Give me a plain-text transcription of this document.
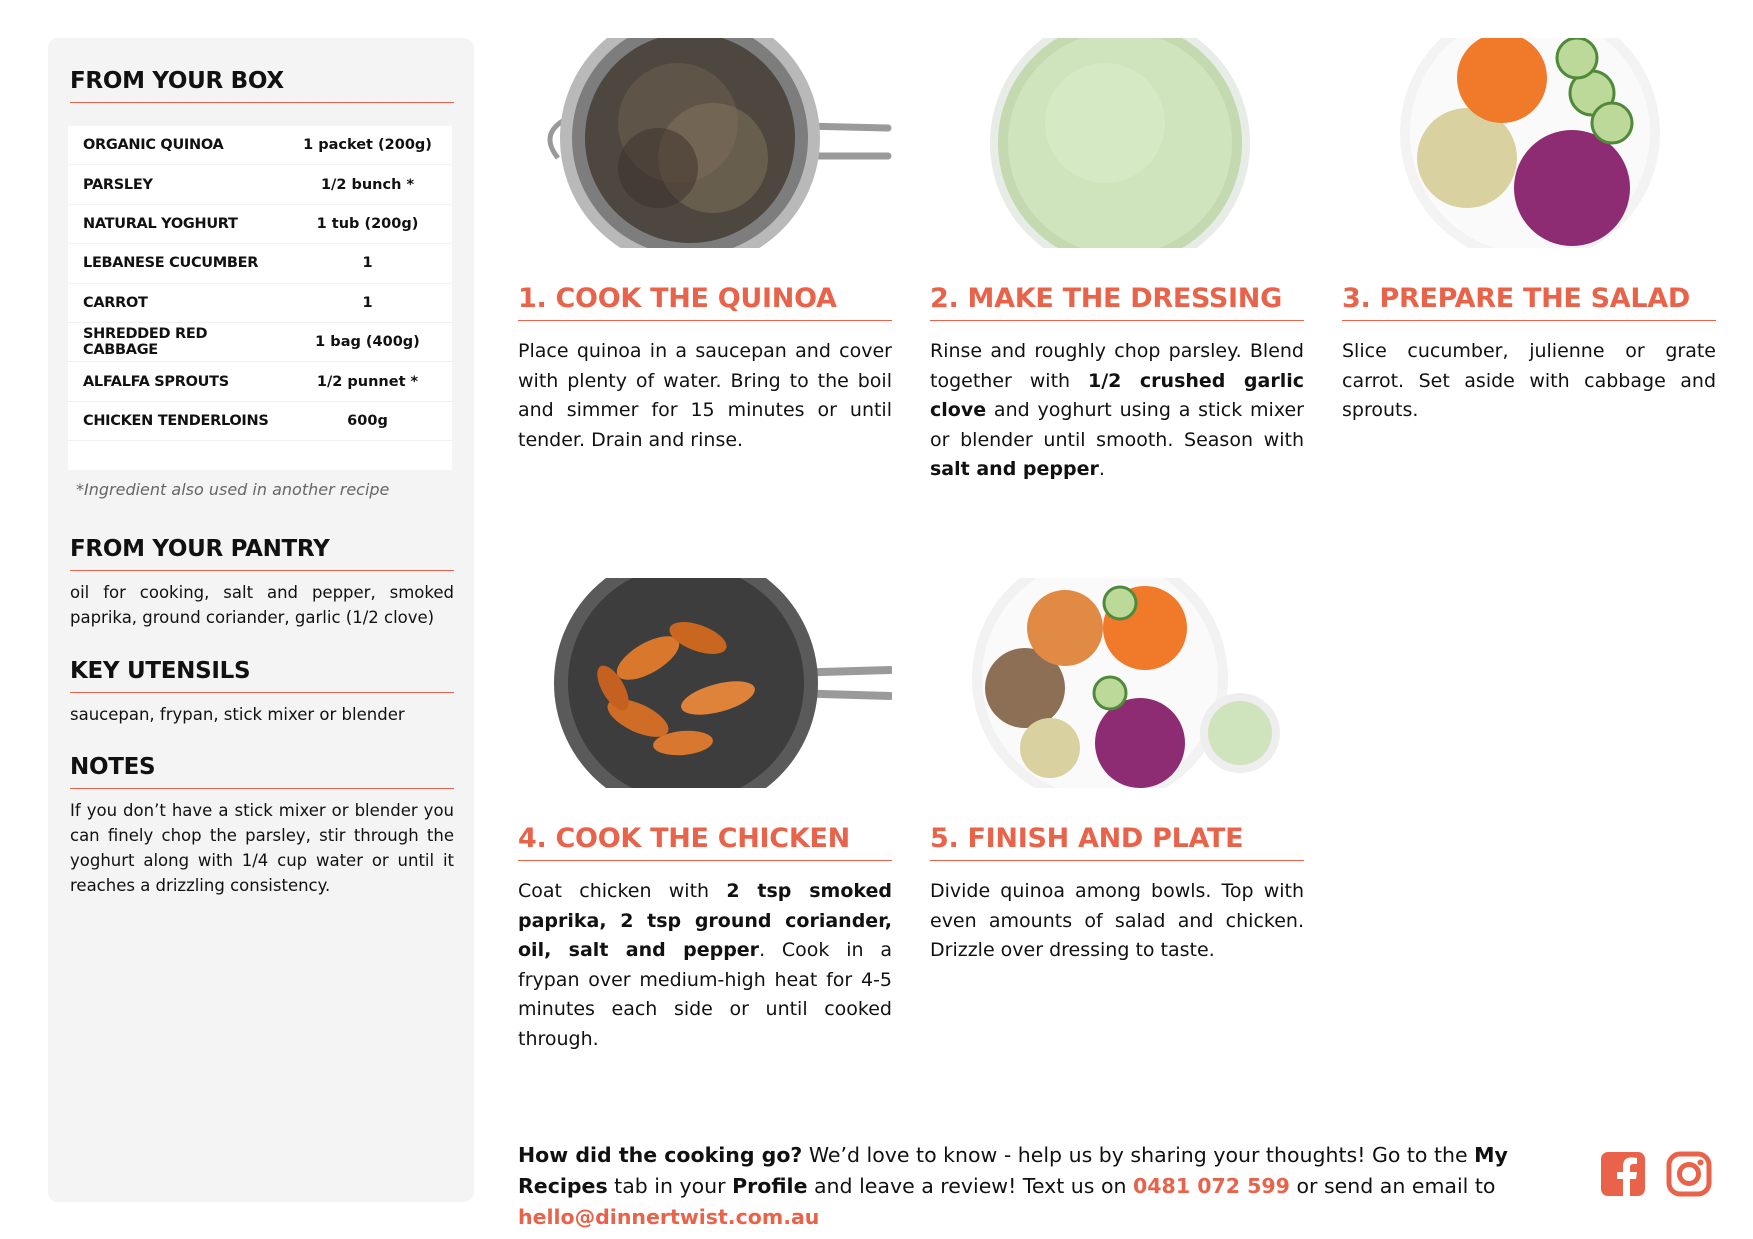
FROM YOUR BOX
ORGANIC QUINOA	1 packet (200g)
PARSLEY	1/2 bunch *
NATURAL YOGHURT	1 tub (200g)
LEBANESE CUCUMBER	1
CARROT	1
SHREDDED RED CABBAGE	1 bag (400g)
ALFALFA SPROUTS	1/2 punnet *
CHICKEN TENDERLOINS	600g
*Ingredient also used in another recipe
FROM YOUR PANTRY
oil for cooking, salt and pepper, smoked paprika, ground coriander, garlic (1/2 clove)
KEY UTENSILS
saucepan, frypan, stick mixer or blender
NOTES
If you don’t have a stick mixer or blender you can finely chop the parsley, stir through the yoghurt along with 1/4 cup water or until it reaches a drizzling consistency.
1. COOK THE QUINOA
Place quinoa in a saucepan and cover with plenty of water. Bring to the boil and simmer for 15 minutes or until tender. Drain and rinse.
2. MAKE THE DRESSING
Rinse and roughly chop parsley. Blend together with 1/2 crushed garlic clove and yoghurt using a stick mixer or blender until smooth. Season with salt and pepper.
3. PREPARE THE SALAD
Slice cucumber, julienne or grate carrot. Set aside with cabbage and sprouts.
4. COOK THE CHICKEN
Coat chicken with 2 tsp smoked paprika, 2 tsp ground coriander, oil, salt and pepper. Cook in a frypan over medium-high heat for 4-5 minutes each side or until cooked through.
5. FINISH AND PLATE
Divide quinoa among bowls. Top with even amounts of salad and chicken. Drizzle over dressing to taste.
How did the cooking go? We’d love to know - help us by sharing your thoughts! Go to the My Recipes tab in your Profile and leave a review! Text us on 0481 072 599 or send an email to hello@dinnertwist.com.au
